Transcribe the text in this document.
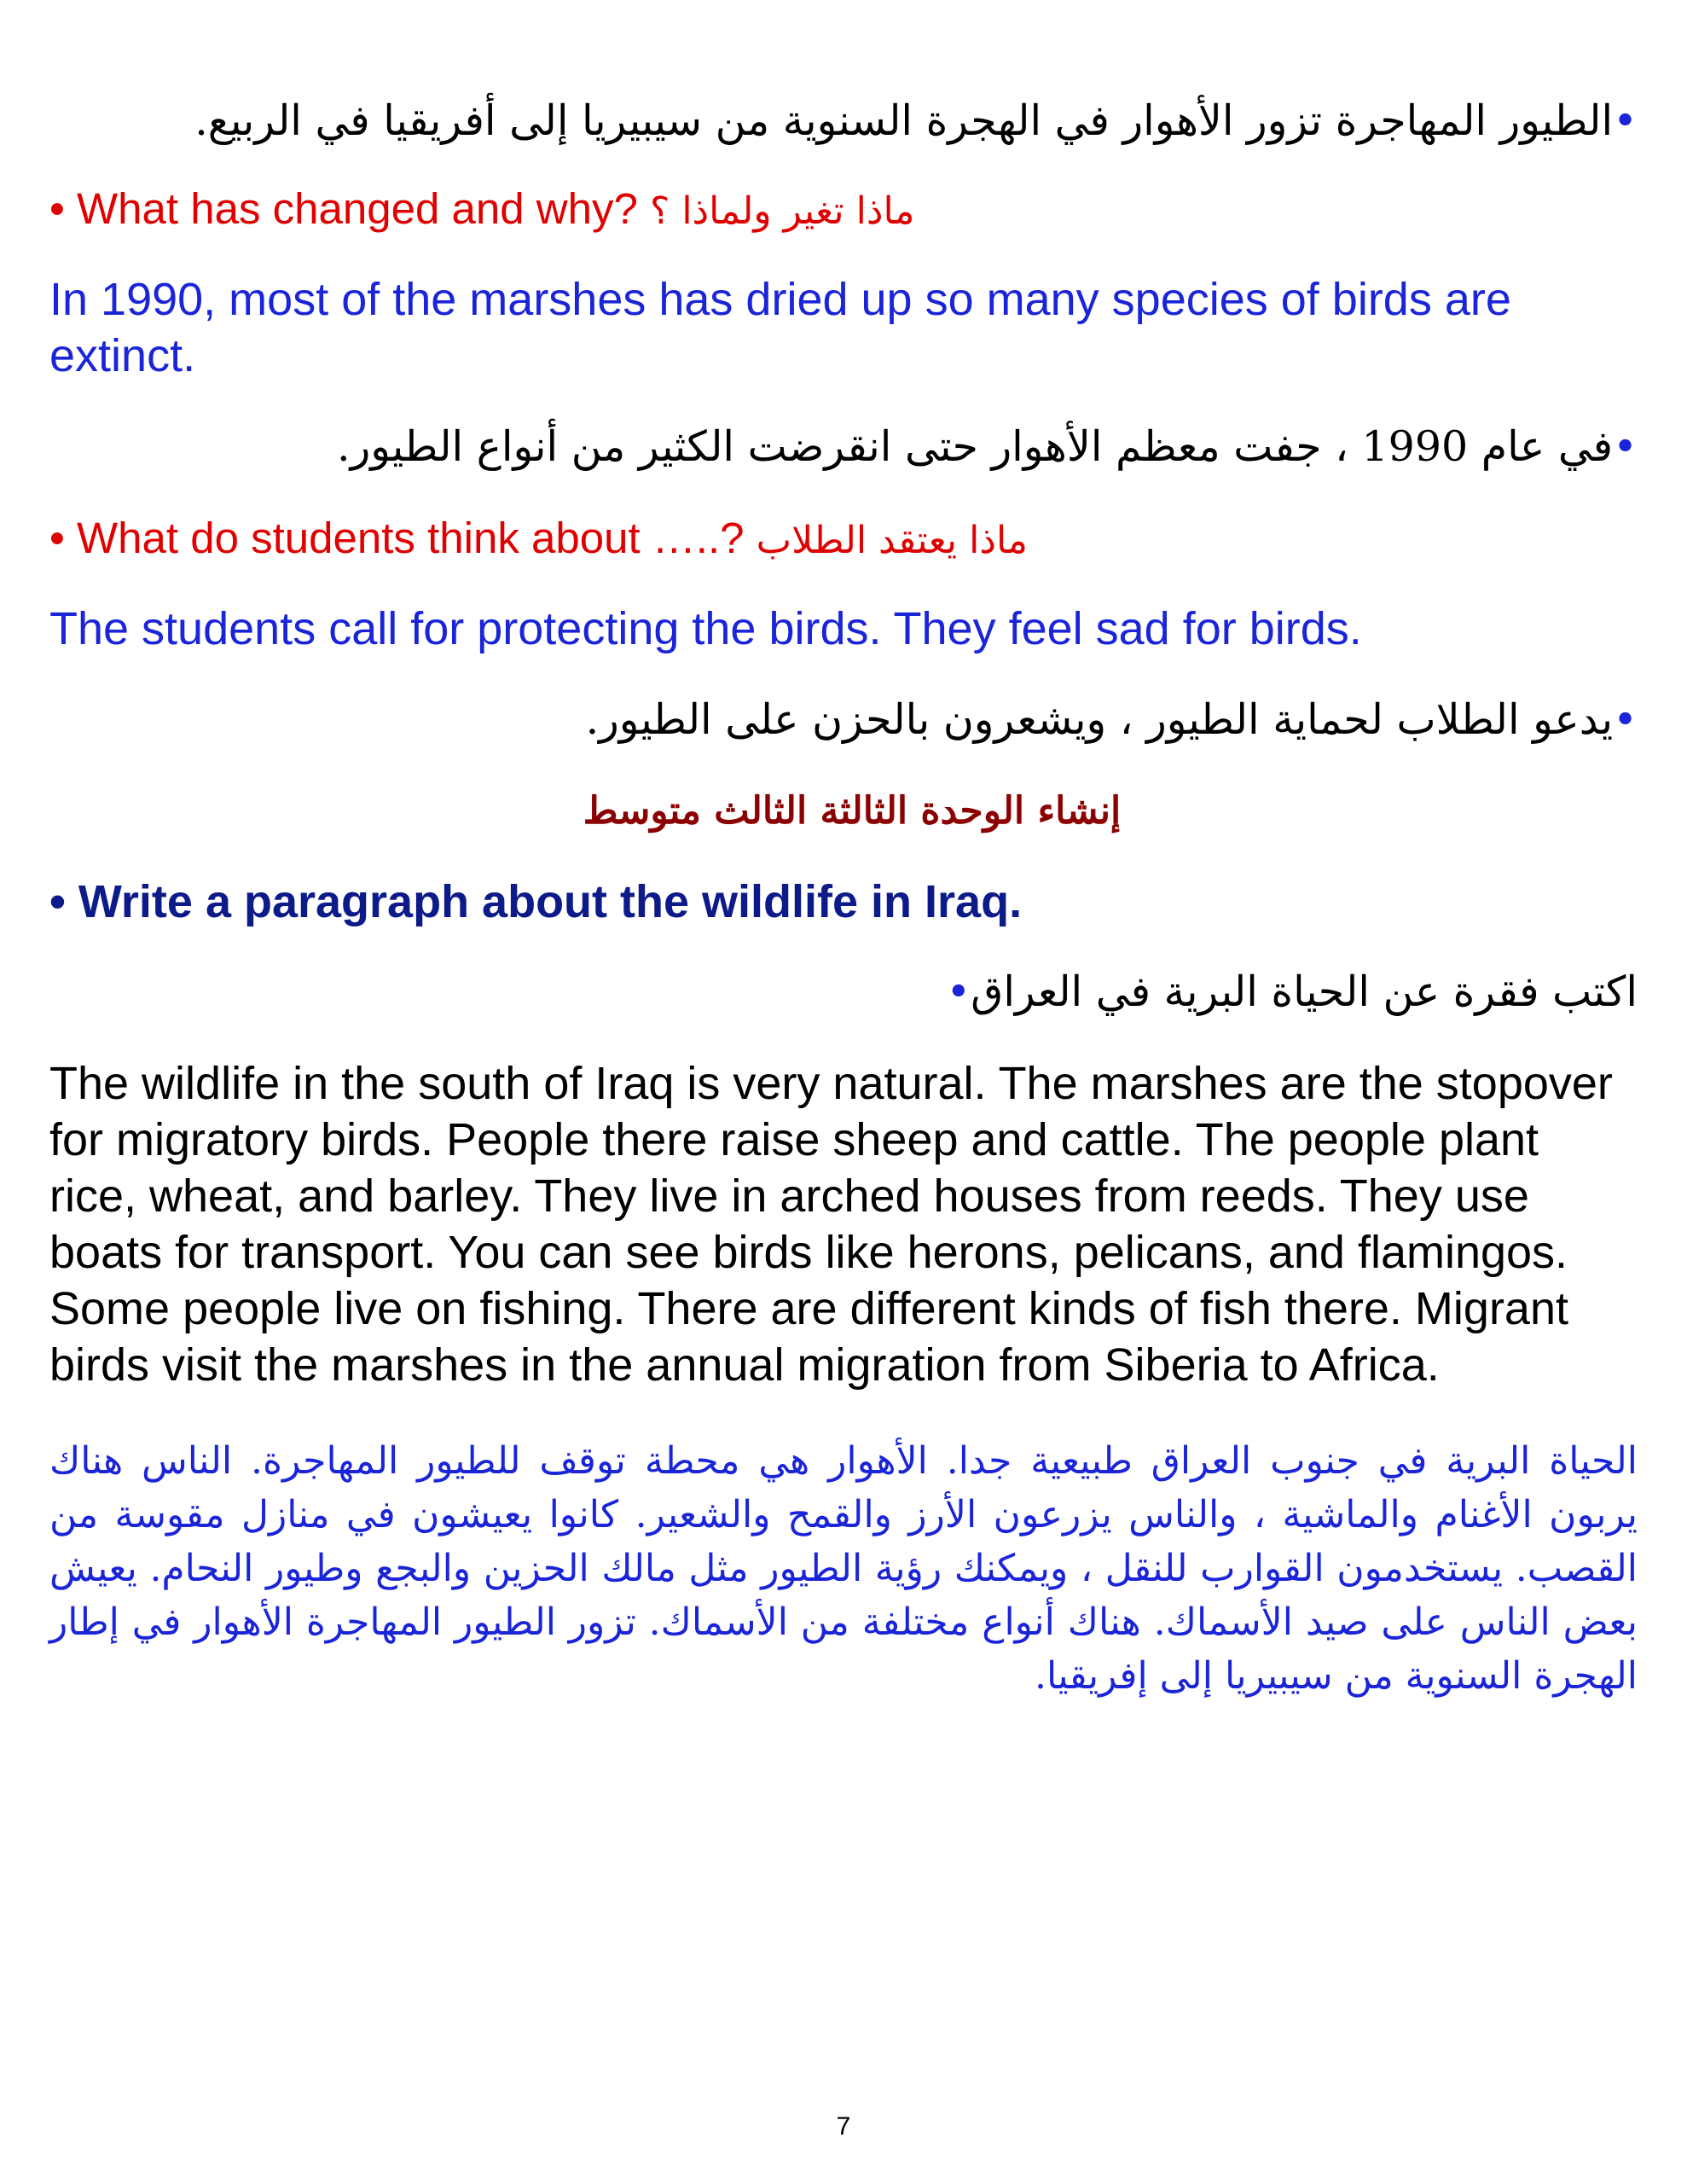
•الطيور المهاجرة تزور الأهوار في الهجرة السنوية من سيبيريا إلى أفريقيا في الربيع.

• What has changed and why? ماذا تغير ولماذا ؟

In 1990, most of the marshes has dried up so many species of birds are extinct.

•في عام 1990 ، جفت معظم الأهوار حتى انقرضت الكثير من أنواع الطيور.

• What do students think about …..? ماذا يعتقد الطلاب

The students call for protecting the birds. They feel sad for birds.

•يدعو الطلاب لحماية الطيور ، ويشعرون بالحزن على الطيور.

إنشاء الوحدة الثالثة الثالث متوسط

• Write a paragraph about the wildlife in Iraq.

اكتب فقرة عن الحياة البرية في العراق•

The wildlife in the south of Iraq is very natural. The marshes are the stopover for migratory birds. People there raise sheep and cattle. The people plant rice, wheat, and barley. They live in arched houses from reeds. They use boats for transport. You can see birds like herons, pelicans, and flamingos. Some people live on fishing. There are different kinds of fish there. Migrant birds visit the marshes in the annual migration from Siberia to Africa.

الحياة البرية في جنوب العراق طبيعية جدا. الأهوار هي محطة توقف للطيور المهاجرة. الناس هناك يربون الأغنام والماشية ، والناس يزرعون الأرز والقمح والشعير. كانوا يعيشون في منازل مقوسة من القصب. يستخدمون القوارب للنقل ، ويمكنك رؤية الطيور مثل مالك الحزين والبجع وطيور النحام. يعيش بعض الناس على صيد الأسماك. هناك أنواع مختلفة من الأسماك. تزور الطيور المهاجرة الأهوار في إطار الهجرة السنوية من سيبيريا إلى إفريقيا.

7
